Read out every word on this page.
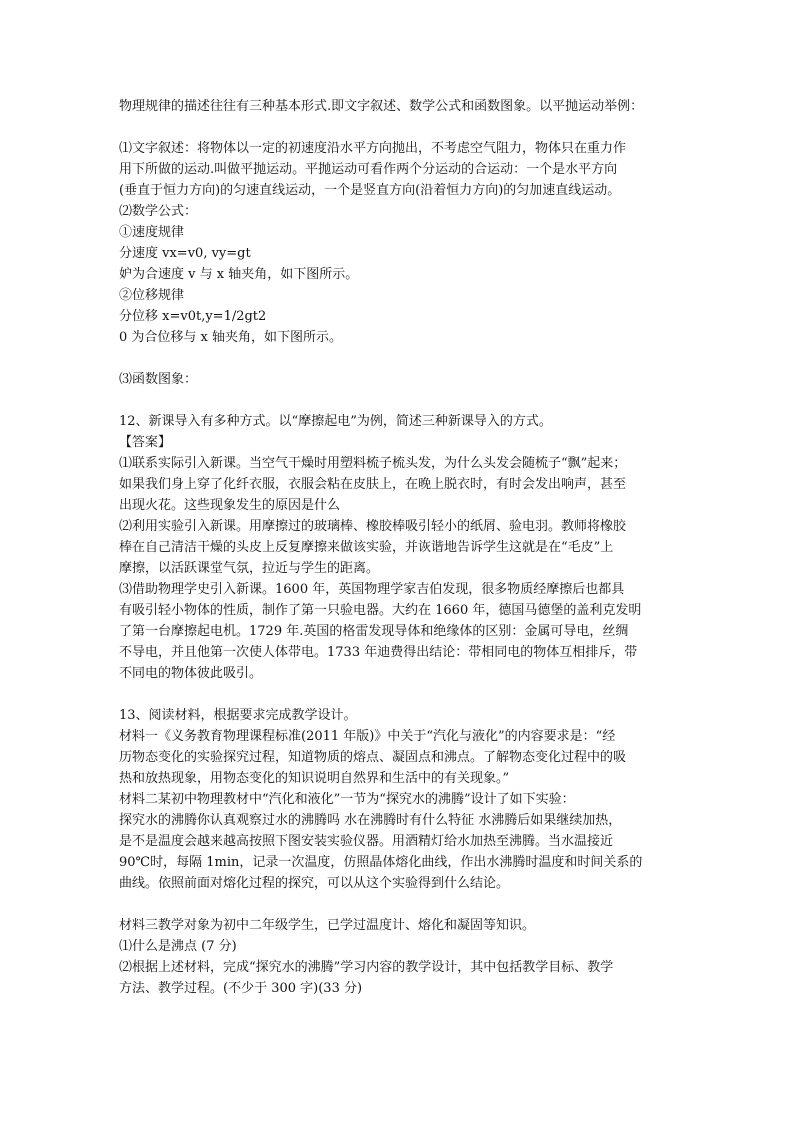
物理规律的描述往往有三种基本形式.即文字叙述、数学公式和函数图象。以平抛运动举例：
⑴文字叙述：将物体以一定的初速度沿水平方向抛出，不考虑空气阻力，物体只在重力作
用下所做的运动.叫做平抛运动。平抛运动可看作两个分运动的合运动：一个是水平方向
(垂直于恒力方向)的匀速直线运动，一个是竖直方向(沿着恒力方向)的匀加速直线运动。
⑵数学公式：
①速度规律
分速度 vx=v0, vy=gt
妒为合速度 v 与 x 轴夹角，如下图所示。
②位移规律
分位移 x=v0t,y=1/2gt2
0 为合位移与 x 轴夹角，如下图所示。
⑶函数图象：
12、新课导入有多种方式。以“摩擦起电”为例，简述三种新课导入的方式。
【答案】
⑴联系实际引入新课。当空气干燥时用塑料梳子梳头发，为什么头发会随梳子“飘”起来；
如果我们身上穿了化纤衣服，衣服会粘在皮肤上，在晚上脱衣时，有时会发出响声，甚至
出现火花。这些现象发生的原因是什么
⑵利用实验引入新课。用摩擦过的玻璃棒、橡胶棒吸引轻小的纸屑、验电羽。教师将橡胶
棒在自己清洁干燥的头皮上反复摩擦来做该实验，并诙谐地告诉学生这就是在“毛皮”上
摩擦，以活跃课堂气氛，拉近与学生的距离。
⑶借助物理学史引入新课。1600 年，英国物理学家吉伯发现，很多物质经摩擦后也都具
有吸引轻小物体的性质，制作了第一只验电器。大约在 1660 年，德国马德堡的盖利克发明
了第一台摩擦起电机。1729 年.英国的格雷发现导体和绝缘体的区别：金属可导电，丝绸
不导电，并且他第一次使人体带电。1733 年迪费得出结论：带相同电的物体互相排斥，带
不同电的物体彼此吸引。
13、阅读材料，根据要求完成教学设计。
材料一《义务教育物理课程标准(2011 年版)》中关于“汽化与液化”的内容要求是：“经
历物态变化的实验探究过程，知道物质的熔点、凝固点和沸点。了解物态变化过程中的吸
热和放热现象，用物态变化的知识说明自然界和生活中的有关现象。”
材料二某初中物理教材中“汽化和液化”一节为“探究水的沸腾”设计了如下实验：
探究水的沸腾你认真观察过水的沸腾吗 水在沸腾时有什么特征 水沸腾后如果继续加热，
是不是温度会越来越高按照下图安装实验仪器。用酒精灯给水加热至沸腾。当水温接近
90℃时，每隔 1min，记录一次温度，仿照晶体熔化曲线，作出水沸腾时温度和时间关系的
曲线。依照前面对熔化过程的探究，可以从这个实验得到什么结论。
材料三教学对象为初中二年级学生，已学过温度计、熔化和凝固等知识。
⑴什么是沸点 (7 分)
⑵根据上述材料，完成“探究水的沸腾”学习内容的教学设计，其中包括教学目标、教学
方法、教学过程。(不少于 300 字)(33 分)
